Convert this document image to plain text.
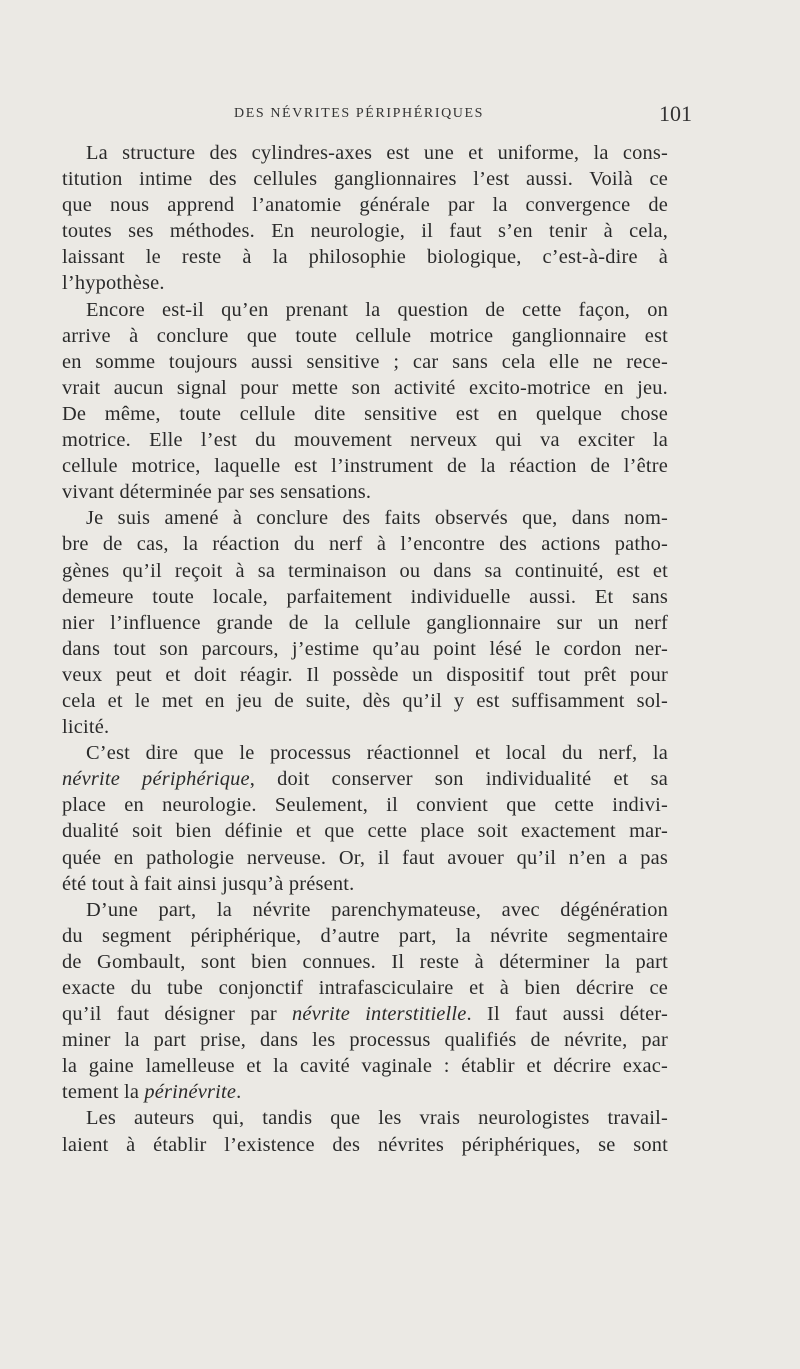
DES NÉVRITES PÉRIPHÉRIQUES	101
La structure des cylindres-axes est une et uniforme, la cons-
titution intime des cellules ganglionnaires l’est aussi. Voilà ce
que nous apprend l’anatomie générale par la convergence de
toutes ses méthodes. En neurologie, il faut s’en tenir à cela,
laissant le reste à la philosophie biologique, c’est-à-dire à
l’hypothèse.
Encore est-il qu’en prenant la question de cette façon, on
arrive à conclure que toute cellule motrice ganglionnaire est
en somme toujours aussi sensitive ; car sans cela elle ne rece-
vrait aucun signal pour mette son activité excito-motrice en jeu.
De même, toute cellule dite sensitive est en quelque chose
motrice. Elle l’est du mouvement nerveux qui va exciter la
cellule motrice, laquelle est l’instrument de la réaction de l’être
vivant déterminée par ses sensations.
Je suis amené à conclure des faits observés que, dans nom-
bre de cas, la réaction du nerf à l’encontre des actions patho-
gènes qu’il reçoit à sa terminaison ou dans sa continuité, est et
demeure toute locale, parfaitement individuelle aussi. Et sans
nier l’influence grande de la cellule ganglionnaire sur un nerf
dans tout son parcours, j’estime qu’au point lésé le cordon ner-
veux peut et doit réagir. Il possède un dispositif tout prêt pour
cela et le met en jeu de suite, dès qu’il y est suffisamment sol-
licité.
C’est dire que le processus réactionnel et local du nerf, la
névrite périphérique, doit conserver son individualité et sa
place en neurologie. Seulement, il convient que cette indivi-
dualité soit bien définie et que cette place soit exactement mar-
quée en pathologie nerveuse. Or, il faut avouer qu’il n’en a pas
été tout à fait ainsi jusqu’à présent.
D’une part, la névrite parenchymateuse, avec dégénération
du segment périphérique, d’autre part, la névrite segmentaire
de Gombault, sont bien connues. Il reste à déterminer la part
exacte du tube conjonctif intrafasciculaire et à bien décrire ce
qu’il faut désigner par névrite interstitielle. Il faut aussi déter-
miner la part prise, dans les processus qualifiés de névrite, par
la gaine lamelleuse et la cavité vaginale : établir et décrire exac-
tement la périnévrite.
Les auteurs qui, tandis que les vrais neurologistes travail-
laient à établir l’existence des névrites périphériques, se sont
